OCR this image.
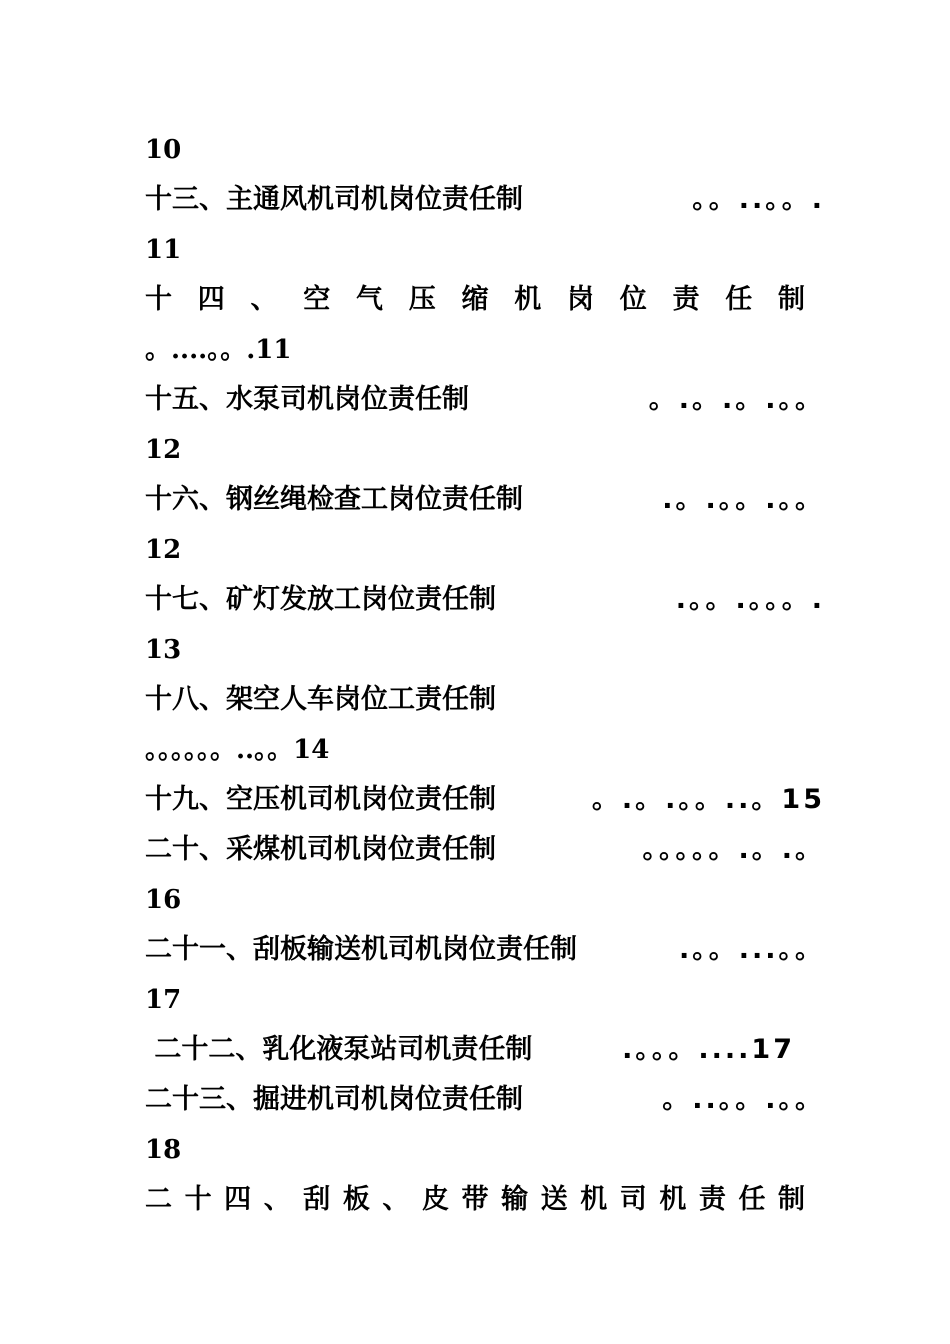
10
十三、主通风机司机岗位责任制	。。..。。.
11
十 四 、 空 气 压 缩 机 岗 位 责 任 制
。....。。.11
十五、水泵司机岗位责任制	。.。.。.。。
12
十六、钢丝绳检查工岗位责任制	.。.。。.。。
12
十七、矿灯发放工岗位责任制	.。。.。。。.
13
十八、架空人车岗位工责任制
。。。。。。..。。14
十九、空压机司机岗位责任制	。.。.。。..。15
二十、采煤机司机岗位责任制	。。。。。.。.。
16
二十一、刮板输送机司机岗位责任制	.。。...。。
17
二十二、乳化液泵站司机责任制	.。。。....17
二十三、掘进机司机岗位责任制	。..。。.。。
18
二 十 四 、 刮 板 、 皮 带 输 送 机 司 机 责 任 制
